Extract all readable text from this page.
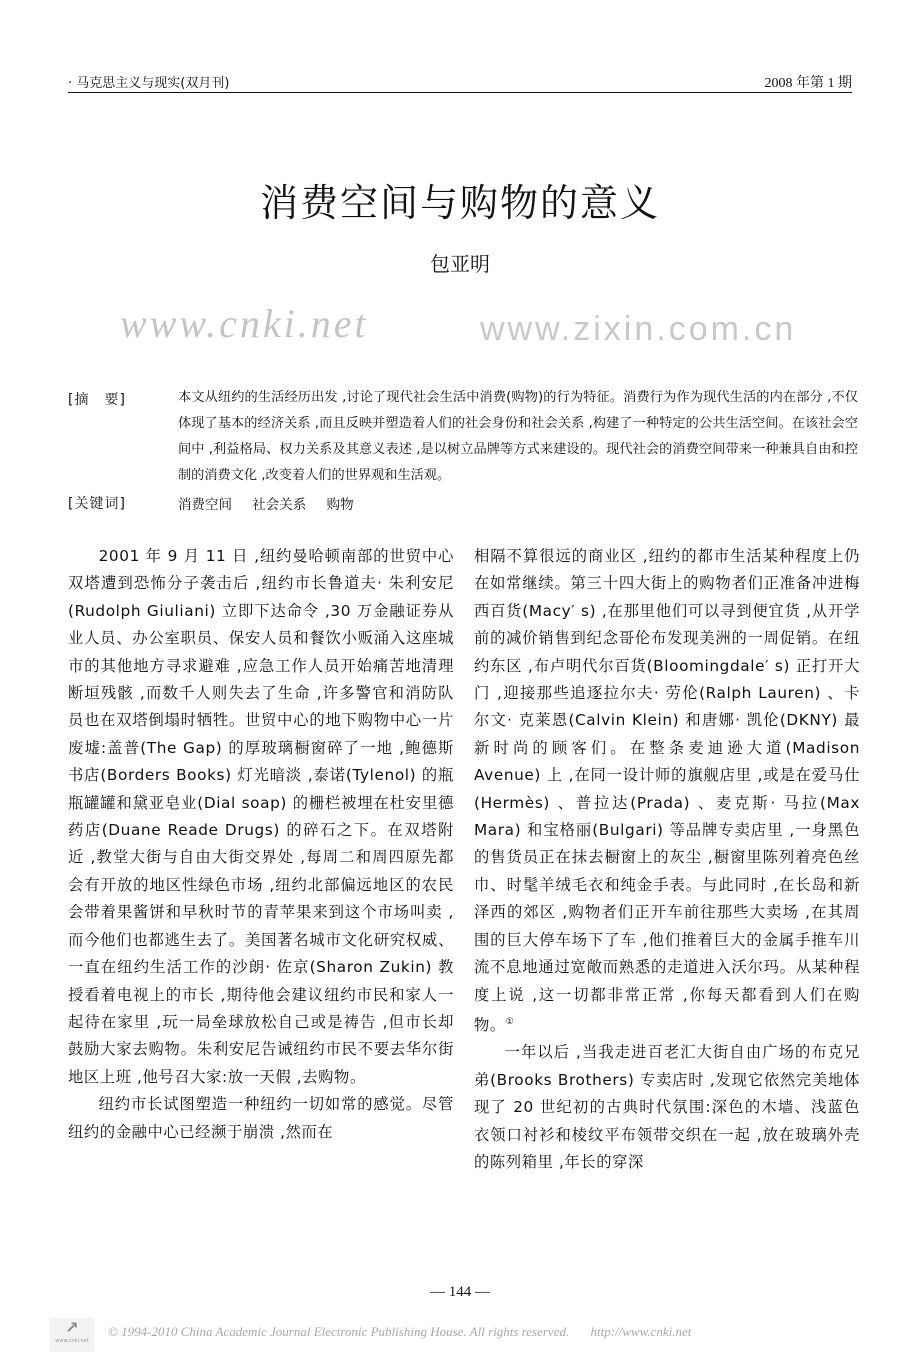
www.cnki.net	www.zixin.com.cn
· 马克思主义与现实(双月刊)	2008 年第 1 期
消费空间与购物的意义
包亚明
[摘　要]	本文从纽约的生活经历出发 ,讨论了现代社会生活中消费(购物)的行为特征。消费行为作为现代生活的内在部分 ,不仅体现了基本的经济关系 ,而且反映并塑造着人们的社会身份和社会关系 ,构建了一种特定的公共生活空间。在该社会空间中 ,利益格局、权力关系及其意义表述 ,是以树立品牌等方式来建设的。现代社会的消费空间带来一种兼具自由和控制的消费文化 ,改变着人们的世界观和生活观。
[关键词]	消费空间 社会关系 购物

2001 年 9 月 11 日 ,纽约曼哈顿南部的世贸中心双塔遭到恐怖分子袭击后 ,纽约市长鲁道夫· 朱利安尼(Rudolph Giuliani) 立即下达命令 ,30 万金融证券从业人员、办公室职员、保安人员和餐饮小贩涌入这座城市的其他地方寻求避难 ,应急工作人员开始痛苦地清理断垣残骸 ,而数千人则失去了生命 ,许多警官和消防队员也在双塔倒塌时牺牲。世贸中心的地下购物中心一片废墟:盖普(The Gap) 的厚玻璃橱窗碎了一地 ,鲍德斯书店(Borders Books) 灯光暗淡 ,泰诺(Tylenol) 的瓶瓶罐罐和黛亚皂业(Dial soap) 的栅栏被埋在杜安里德药店(Duane Reade Drugs) 的碎石之下。在双塔附近 ,教堂大街与自由大街交界处 ,每周二和周四原先都会有开放的地区性绿色市场 ,纽约北部偏远地区的农民会带着果酱饼和早秋时节的青苹果来到这个市场叫卖 ,而今他们也都逃生去了。美国著名城市文化研究权威、一直在纽约生活工作的沙朗· 佐京(Sharon Zukin) 教授看着电视上的市长 ,期待他会建议纽约市民和家人一起待在家里 ,玩一局垒球放松自己或是祷告 ,但市长却鼓励大家去购物。朱利安尼告诫纽约市民不要去华尔街地区上班 ,他号召大家:放一天假 ,去购物。

纽约市长试图塑造一种纽约一切如常的感觉。尽管纽约的金融中心已经濒于崩溃 ,然而在

相隔不算很远的商业区 ,纽约的都市生活某种程度上仍在如常继续。第三十四大街上的购物者们正准备冲进梅西百货(Macy′ s) ,在那里他们可以寻到便宜货 ,从开学前的减价销售到纪念哥伦布发现美洲的一周促销。在纽约东区 ,布卢明代尔百货(Bloomingdale′ s) 正打开大门 ,迎接那些追逐拉尔夫· 劳伦(Ralph Lauren) 、卡尔文· 克莱恩(Calvin Klein) 和唐娜· 凯伦(DKNY) 最新时尚的顾客们。在整条麦迪逊大道(Madison Avenue) 上 ,在同一设计师的旗舰店里 ,或是在爱马仕(Hermès) 、普拉达(Prada) 、麦克斯· 马拉(Max Mara) 和宝格丽(Bulgari) 等品牌专卖店里 ,一身黑色的售货员正在抹去橱窗上的灰尘 ,橱窗里陈列着亮色丝巾、时髦羊绒毛衣和纯金手表。与此同时 ,在长岛和新泽西的郊区 ,购物者们正开车前往那些大卖场 ,在其周围的巨大停车场下了车 ,他们推着巨大的金属手推车川流不息地通过宽敞而熟悉的走道进入沃尔玛。从某种程度上说 ,这一切都非常正常 ,你每天都看到人们在购物。①

一年以后 ,当我走进百老汇大街自由广场的布克兄弟(Brooks Brothers) 专卖店时 ,发现它依然完美地体现了 20 世纪初的古典时代氛围:深色的木墙、浅蓝色衣领口衬衫和棱纹平布领带交织在一起 ,放在玻璃外壳的陈列箱里 ,年长的穿深

— 144 —
↗
www.cnki.net
© 1994-2010 China Academic Journal Electronic Publishing House. All rights reserved. http://www.cnki.net
